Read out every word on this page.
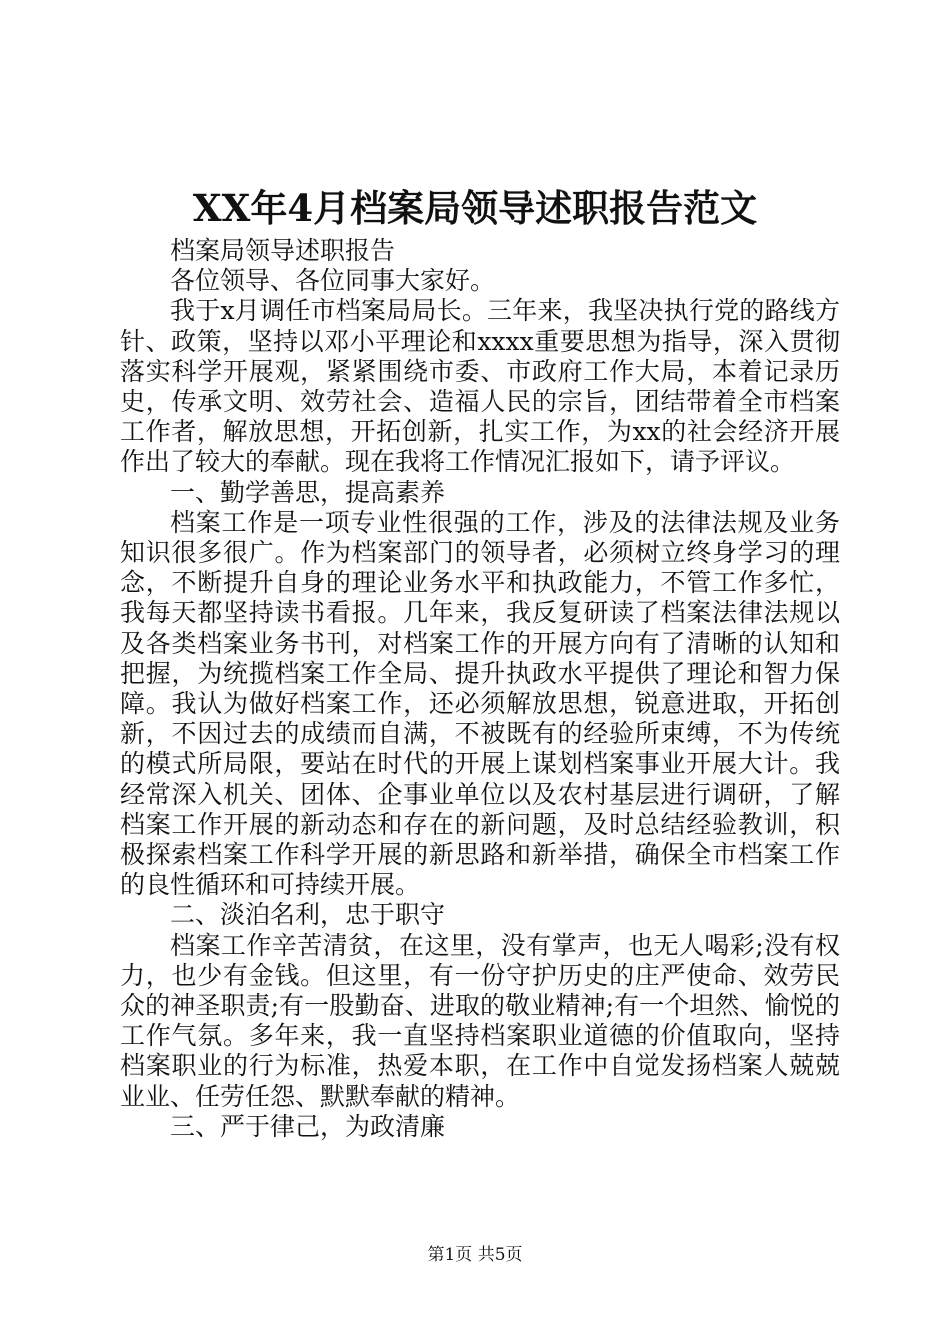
XX年4月档案局领导述职报告范文

档案局领导述职报告

各位领导、各位同事大家好。

我于x月调任市档案局局长。三年来，我坚决执行党的路线方针、政策，坚持以邓小平理论和xxxx重要思想为指导，深入贯彻落实科学开展观，紧紧围绕市委、市政府工作大局，本着记录历史，传承文明、效劳社会、造福人民的宗旨，团结带着全市档案工作者，解放思想，开拓创新，扎实工作，为xx的社会经济开展作出了较大的奉献。现在我将工作情况汇报如下，请予评议。

一、勤学善思，提高素养

档案工作是一项专业性很强的工作，涉及的法律法规及业务知识很多很广。作为档案部门的领导者，必须树立终身学习的理念，不断提升自身的理论业务水平和执政能力，不管工作多忙，我每天都坚持读书看报。几年来，我反复研读了档案法律法规以及各类档案业务书刊，对档案工作的开展方向有了清晰的认知和把握，为统揽档案工作全局、提升执政水平提供了理论和智力保障。我认为做好档案工作，还必须解放思想，锐意进取，开拓创新，不因过去的成绩而自满，不被既有的经验所束缚，不为传统的模式所局限，要站在时代的开展上谋划档案事业开展大计。我经常深入机关、团体、企事业单位以及农村基层进行调研，了解档案工作开展的新动态和存在的新问题，及时总结经验教训，积极探索档案工作科学开展的新思路和新举措，确保全市档案工作的良性循环和可持续开展。

二、淡泊名利，忠于职守

档案工作辛苦清贫，在这里，没有掌声，也无人喝彩;没有权力，也少有金钱。但这里，有一份守护历史的庄严使命、效劳民众的神圣职责;有一股勤奋、进取的敬业精神;有一个坦然、愉悦的工作气氛。多年来，我一直坚持档案职业道德的价值取向，坚持档案职业的行为标准，热爱本职，在工作中自觉发扬档案人兢兢业业、任劳任怨、默默奉献的精神。

三、严于律己，为政清廉

第1页 共5页
